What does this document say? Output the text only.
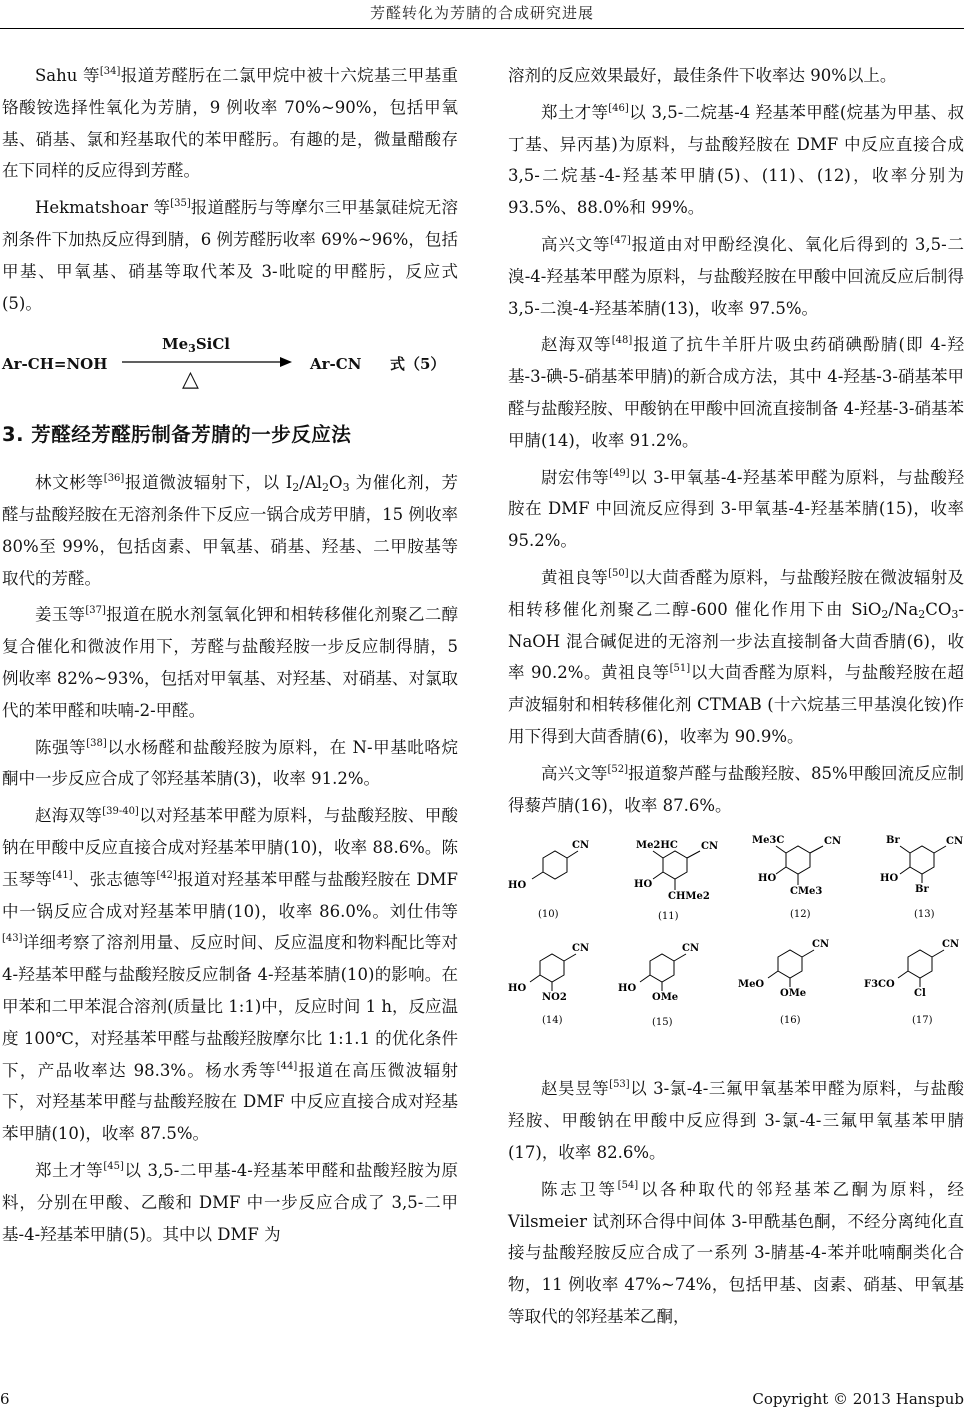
芳醛转化为芳腈的合成研究进展

Sahu 等[34]报道芳醛肟在二氯甲烷中被十六烷基三甲基重铬酸铵选择性氧化为芳腈，9 例收率 70%~90%，包括甲氧基、硝基、氯和羟基取代的苯甲醛肟。有趣的是，微量醋酸存在下同样的反应得到芳醛。

Hekmatshoar 等[35]报道醛肟与等摩尔三甲基氯硅烷无溶剂条件下加热反应得到腈，6 例芳醛肟收率 69%~96%，包括甲基、甲氧基、硝基等取代苯及 3-吡啶的甲醛肟，反应式(5)。

Ar-CH=NOH
$Me_3SiCl$
△
Ar-CN 式（5）
3. 芳醛经芳醛肟制备芳腈的一步反应法

林文彬等[36]报道微波辐射下，以 $I_2/Al_2O_3$ 为催化剂，芳醛与盐酸羟胺在无溶剂条件下反应一锅合成芳甲腈，15 例收率 80%至 99%，包括卤素、甲氧基、硝基、羟基、二甲胺基等取代的芳醛。

姜玉等[37]报道在脱水剂氢氧化钾和相转移催化剂聚乙二醇复合催化和微波作用下，芳醛与盐酸羟胺一步反应制得腈，5 例收率 82%~93%，包括对甲氧基、对羟基、对硝基、对氯取代的苯甲醛和呋喃-2-甲醛。

陈强等[38]以水杨醛和盐酸羟胺为原料，在 N-甲基吡咯烷酮中一步反应合成了邻羟基苯腈(3)，收率 91.2%。

赵海双等[39-40]以对羟基苯甲醛为原料，与盐酸羟胺、甲酸钠在甲酸中反应直接合成对羟基苯甲腈(10)，收率 88.6%。陈玉琴等[41]、张志德等[42]报道对羟基苯甲醛与盐酸羟胺在 DMF 中一锅反应合成对羟基苯甲腈(10)，收率 86.0%。刘仕伟等[43]详细考察了溶剂用量、反应时间、反应温度和物料配比等对 4-羟基苯甲醛与盐酸羟胺反应制备 4-羟基苯腈(10)的影响。在甲苯和二甲苯混合溶剂(质量比 1:1)中，反应时间 1 h，反应温度 100℃，对羟基苯甲醛与盐酸羟胺摩尔比 1:1.1 的优化条件下，产品收率达 98.3%。杨水秀等[44]报道在高压微波辐射下，对羟基苯甲醛与盐酸羟胺在 DMF 中反应直接合成对羟基苯甲腈(10)，收率 87.5%。

郑土才等[45]以 3,5-二甲基-4-羟基苯甲醛和盐酸羟胺为原料，分别在甲酸、乙酸和 DMF 中一步反应合成了 3,5-二甲基-4-羟基苯甲腈(5)。其中以 DMF 为

溶剂的反应效果最好，最佳条件下收率达 90%以上。

郑土才等[46]以 3,5-二烷基-4 羟基苯甲醛(烷基为甲基、叔丁基、异丙基)为原料，与盐酸羟胺在 DMF 中反应直接合成 3,5-二烷基-4-羟基苯甲腈(5)、(11)、(12)，收率分别为 93.5%、88.0%和 99%。

高兴文等[47]报道由对甲酚经溴化、氧化后得到的 3,5-二溴-4-羟基苯甲醛为原料，与盐酸羟胺在甲酸中回流反应后制得 3,5-二溴-4-羟基苯腈(13)，收率 97.5%。

赵海双等[48]报道了抗牛羊肝片吸虫药硝碘酚腈(即 4-羟基-3-碘-5-硝基苯甲腈)的新合成方法，其中 4-羟基-3-硝基苯甲醛与盐酸羟胺、甲酸钠在甲酸中回流直接制备 4-羟基-3-硝基苯甲腈(14)，收率 91.2%。

尉宏伟等[49]以 3-甲氧基-4-羟基苯甲醛为原料，与盐酸羟胺在 DMF 中回流反应得到 3-甲氧基-4-羟基苯腈(15)，收率 95.2%。

黄祖良等[50]以大茴香醛为原料，与盐酸羟胺在微波辐射及相转移催化剂聚乙二醇-600 催化作用下由 $SiO_2/Na_2CO_3$-NaOH 混合碱促进的无溶剂一步法直接制备大茴香腈(6)，收率 90.2%。黄祖良等[51]以大茴香醛为原料，与盐酸羟胺在超声波辐射和相转移催化剂 CTMAB (十六烷基三甲基溴化铵)作用下得到大茴香腈(6)，收率为 90.9%。

高兴文等[52]报道黎芦醛与盐酸羟胺、85%甲酸回流反应制得藜芦腈(16)，收率 87.6%。

CN
HO
(10)
Me2HC CN
HO
CHMe2
(11)
Me3C	CN
HO
CMe3
(12)
Br	CN
HO
Br
(13)
CN
HO
NO2
(14)
CN
HO
OMe
(15)
CN
MeO
OMe
(16)
CN
F3CO
Cl
(17)

赵昊昱等[53]以 3-氯-4-三氟甲氧基苯甲醛为原料，与盐酸羟胺、甲酸钠在甲酸中反应得到 3-氯-4-三氟甲氧基苯甲腈(17)，收率 82.6%。

陈志卫等[54]以各种取代的邻羟基苯乙酮为原料，经 Vilsmeier 试剂环合得中间体 3-甲酰基色酮，不经分离纯化直接与盐酸羟胺反应合成了一系列 3-腈基-4-苯并吡喃酮类化合物，11 例收率 47%~74%，包括甲基、卤素、硝基、甲氧基等取代的邻羟基苯乙酮，

6	Copyright © 2013 Hanspub
